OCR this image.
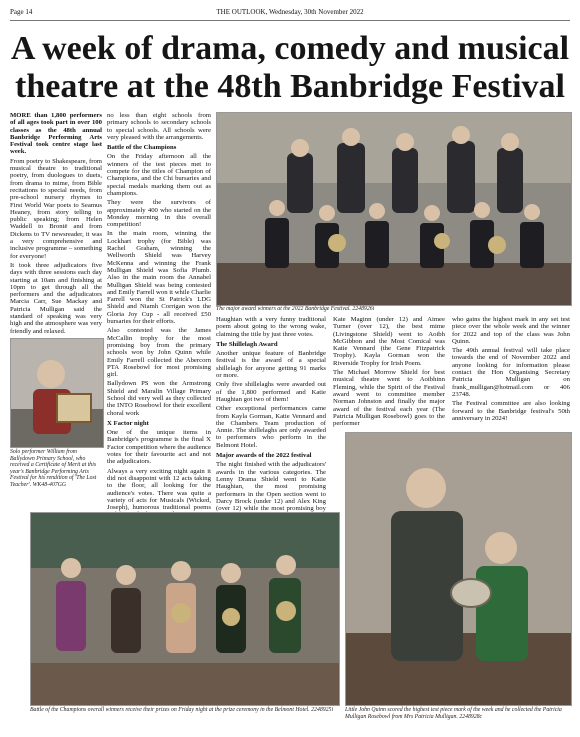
Page 14	THE OUTLOOK, Wednesday, 30th November 2022
A week of drama, comedy and musical theatre at the 48th Banbridge Festival

MORE than 1,800 performers of all ages took part in over 100 classes as the 48th annual Banbridge Performing Arts Festival took centre stage last week.

From poetry to Shakespeare, from musical theatre to traditional poetry, from duologues to duets, from drama to mime, from Bible recitations to special needs, from pre-school nursery rhymes to First World War poets to Seamus Heaney, from story telling to public speaking; from Helen Waddell to Brontë and from Dickens to TV newsreader, it was a very comprehensive and inclusive programme – something for everyone!

It took three adjudicators five days with three sessions each day starting at 10am and finishing at 10pm to get through all the performers and the adjudicators Marcia Carr, Sue Mackay and Patricia Mulligan said the standard of speaking was very high and the atmosphere was very friendly and relaxed.

Solo performer William from Ballydown Primary School, who received a Certificate of Merit at this year's Banbridge Performing Arts Festival for his rendition of 'The Lost Teacher'. WK48-407GG

no less than eight schools from primary schools to secondary schools to special schools. All schools were very pleased with the arrangements.

Battle of the Champions

On the Friday afternoon all the winners of the test pieces met to compete for the titles of Champion of Champions, and the Chi bursaries and special medals marking them out as champions.

They were the survivors of approximately 400 who started on the Monday morning in this overall competition!

In the main room, winning the Lockhart trophy (for Bible) was Rachel Graham, winning the Wellworth Shield was Harvey McKenna and winning the Frank Mulligan Shield was Sofia Plumb. Also in the main room the Annabel Mulligan Shield was being contested and Emily Farrell won it while Charlie Farrell won the St Patrick's LDG Shield and Niamh Corrigan won the Gloria Joy Cup - all received £50 bursaries for their efforts.

Also contested was the James McCallin trophy for the most promising boy from the primary schools won by John Quinn while Emily Farrell collected the Abercorn PTA Rosebowl for most promising girl.

Ballydown PS won the Armstrong Shield and Maralin Village Primary School did very well as they collected the INTO Rosebowl for their excellent choral work

X Factor night

One of the unique items in Banbridge's programme is the final X Factor competition where the audience votes for their favourite act and not the adjudicators.

Always a very exciting night again it did not disappoint with 12 acts taking to the floor, all looking for the audience's votes. There was quite a variety of acts for Musicals (Wicked, Joseph), humorous traditional poems

The major award winners at the 2022 Banbridge Festival. 2248926i

Haughian with a very funny traditional poem about going to the wrong wake, claiming the title by just three votes.

The Shillelagh Award

Another unique feature of Banbridge festival is the award of a special shillelagh for anyone getting 91 marks or more.

Only five shillelaghs were awarded out of the 1,800 performed and Katie Haughian got two of them!

Other exceptional performances came from Kayla Gorman, Katie Vennard and the Chambers Team production of Annie. The shillelaghs are only awarded to performers who perform in the Belmont Hotel.

Major awards of the 2022 festival

The night finished with the adjudicators' awards in the various categories. The Lenny Drama Shield went to Katie Haughian, the most promising performers in the Open section went to Darcy Brock (under 12) and Alex King (over 12) while the most promising boy

Kate Maginn (under 12) and Aimee Turner (over 12), the best mime (Livingstone Shield) went to Aoibh McGibbon and the Most Comical was Katie Vennard (the Gene Fitzpatrick Trophy). Kayla Gorman won the Riverside Trophy for Irish Poem.

The Michael Morrow Shield for best musical theatre went to Aoibhinn Fleming, while the Spirit of the Festival award went to committee member Norman Johnston and finally the major award of the festival each year (The Patricia Mulligan Rosebowl) goes to the performer

who gains the highest mark in any set test piece over the whole week and the winner for 2022 and top of the class was John Quinn.

The 49th annual festival will take place towards the end of November 2022 and anyone looking for information please contact the Hon Organising Secretary Patricia Mulligan on frank_mulligan@hotmail.com or 406 23748.

The Festival committee are also looking forward to the Banbridge festival's 50th anniversary in 2024!

Battle of the Champions overall winners receive their prizes on Friday night at the prize ceremony in the Belmont Hotel. 2248925i	Little John Quinn scored the highest test piece mark of the week and he collected the Patricia Mulligan Rosebowl from Mrs Patricia Mulligan. 2248928c
